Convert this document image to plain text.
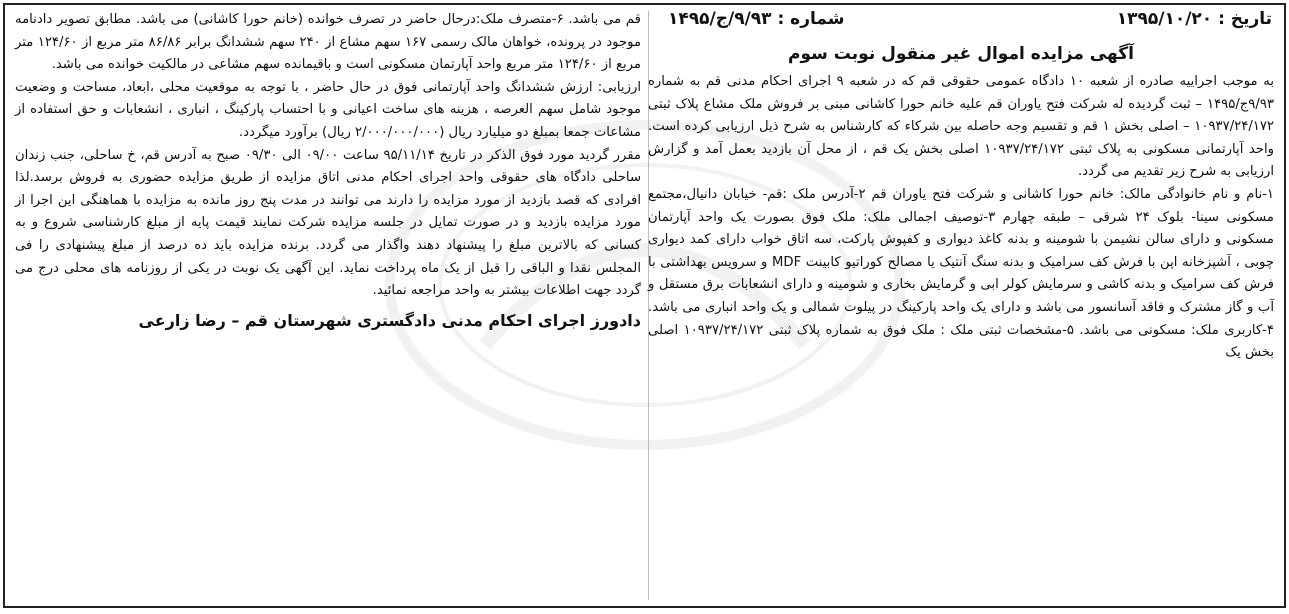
تاریخ : ۱۳۹۵/۱۰/۲۰
شماره : ۹/۹۳/ج/۱۴۹۵
آگهی مزایده اموال غیر منقول نوبت سوم

به موجب اجراییه صادره از شعبه ۱۰ دادگاه عمومی حقوقی قم که در شعبه ۹ اجرای احکام مدنی قم به شماره ۹/۹۳ج/۱۴۹۵ – ثبت گردیده له شرکت فتح یاوران قم علیه خانم حورا کاشانی مبنی بر فروش ملک مشاع پلاک ثبتی ۱۰۹۳۷/۲۴/۱۷۲ – اصلی بخش ۱ قم و تقسیم وجه حاصله بین شرکاء که کارشناس به شرح ذیل ارزیابی کرده است. واحد آپارتمانی مسکونی به پلاک ثبتی ۱۰۹۳۷/۲۴/۱۷۲ اصلی بخش یک قم ، از محل آن بازدید بعمل آمد و گزارش ارزیابی به شرح زیر تقدیم می گردد.

۱-نام و نام خانوادگی مالک: خانم حورا کاشانی و شرکت فتح یاوران قم ۲-آدرس ملک :قم- خیابان دانیال،مجتمع مسکونی سینا- بلوک ۲۴ شرقی – طبقه چهارم ۳-توصیف اجمالی ملک: ملک فوق بصورت یک واحد آپارتمان مسکونی و دارای سالن نشیمن با شومینه و بدنه کاغذ دیواری و کفپوش پارکت، سه اتاق خواب دارای کمد دیواری چوبی ، آشپزخانه اپن با فرش کف سرامیک و بدنه سنگ آنتیک یا مصالح کوراتیو کابینت MDF و سرویس بهداشتی با فرش کف سرامیک و بدنه کاشی و سرمایش کولر ابی و گرمایش بخاری و شومینه و دارای انشعابات برق مستقل و آب و گاز مشترک و فاقد آسانسور می باشد و دارای یک واحد پارکینگ در پیلوت شمالی و یک واحد انباری می باشد. ۴-کاربری ملک: مسکونی می باشد. ۵-مشخصات ثبتی ملک : ملک فوق به شماره پلاک ثبتی ۱۰۹۳۷/۲۴/۱۷۲ اصلی بخش یک

قم می باشد. ۶-متصرف ملک:درحال حاضر در تصرف خوانده (خانم حورا کاشانی) می باشد. مطابق تصویر دادنامه موجود در پرونده، خواهان مالک رسمی ۱۶۷ سهم مشاع از ۲۴۰ سهم ششدانگ برابر ۸۶/۸۶ متر مربع از ۱۲۴/۶۰ متر مربع از ۱۲۴/۶۰ متر مربع واحد آپارتمان مسکونی است و باقیمانده سهم مشاعی در مالکیت خوانده می باشد.

ارزیابی: ارزش ششدانگ واحد آپارتمانی فوق در حال حاضر ، با توجه به موقعیت محلی ،ابعاد، مساحت و وضعیت موجود شامل سهم العرصه ، هزینه های ساخت اعیانی و با احتساب پارکینگ ، انباری ، انشعابات و حق استفاده از مشاعات جمعا بمبلغ دو میلیارد ریال (۲/۰۰۰/۰۰۰/۰۰۰ ریال) برآورد میگردد.

مقرر گردید مورد فوق الذکر در تاریخ ۹۵/۱۱/۱۴ ساعت ۰۹/۰۰ الی ۰۹/۳۰ صبح به آدرس قم، خ ساحلی، جنب زندان ساحلی دادگاه های حقوقی واحد اجرای احکام مدنی اتاق مزایده از طریق مزایده حضوری به فروش برسد.لذا افرادی که قصد بازدید از مورد مزایده را دارند می توانند در مدت پنج روز مانده به مزایده با هماهنگی این اجرا از مورد مزایده بازدید و در صورت تمایل در جلسه مزایده شرکت نمایند قیمت پایه از مبلغ کارشناسی شروع و به کسانی که بالاترین مبلغ را پیشنهاد دهند واگذار می گردد. برنده مزایده باید ده درصد از مبلغ پیشنهادی را فی المجلس نقدا و الباقی را قبل از یک ماه پرداخت نماید. این آگهی یک نوبت در یکی از روزنامه های محلی درج می گردد جهت اطلاعات بیشتر به واحد مراجعه نمائید.

دادورز اجرای احکام مدنی دادگستری شهرستان قم – رضا زارعی
